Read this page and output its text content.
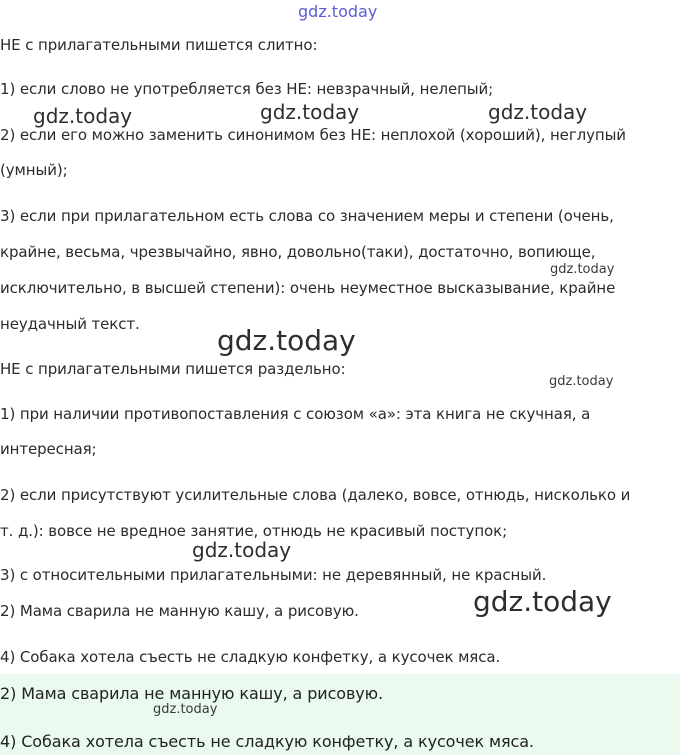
gdz.today
НЕ с прилагательными пишется слитно:
1) если слово не употребляется без НЕ: невзрачный, нелепый;
gdz.today	gdz.today	gdz.today
2) если его можно заменить синонимом без НЕ: неплохой (хороший), неглупый
(умный);
3) если при прилагательном есть слова со значением меры и степени (очень,
крайне, весьма, чрезвычайно, явно, довольно(таки), достаточно, вопиюще,
gdz.today
исключительно, в высшей степени): очень неуместное высказывание, крайне
неудачный текст.	gdz.today
НЕ с прилагательными пишется раздельно:
gdz.today
1) при наличии противопоставления с союзом «а»: эта книга не скучная, а
интересная;
2) если присутствуют усилительные слова (далеко, вовсе, отнюдь, нисколько и
т. д.): вовсе не вредное занятие, отнюдь не красивый поступок;
gdz.today
3) с относительными прилагательными: не деревянный, не красный.
2) Мама сварила не манную кашу, а рисовую.	gdz.today
4) Собака хотела съесть не сладкую конфетку, а кусочек мяса.
2) Мама сварила не манную кашу, а рисовую.
4) Собака хотела съесть не сладкую конфетку, а кусочек мяса.
gdz.today
